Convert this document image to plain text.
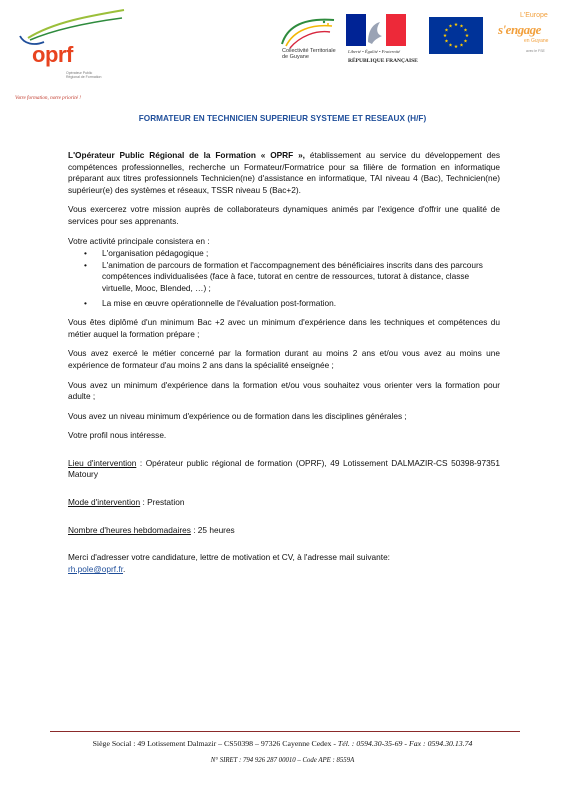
oprf
Opérateur Public Régional de Formation
Votre formation, notre priorité !
Collectivité Territoriale de Guyane
Liberté • Égalité • Fraternité
RÉPUBLIQUE FRANÇAISE
L'Europe
s'engage
en Guyane
avec le FSE
FORMATEUR EN TECHNICIEN SUPERIEUR SYSTEME ET RESEAUX (H/F)

L'Opérateur Public Régional de la Formation « OPRF », établissement au service du développement des compétences professionnelles, recherche un Formateur/Formatrice pour sa filière de formation en informatique préparant aux titres professionnels Technicien(ne) d'assistance en informatique, TAI niveau 4 (Bac), Technicien(ne) supérieur(e) des systèmes et réseaux, TSSR niveau 5 (Bac+2).

Vous exercerez votre mission auprès de collaborateurs dynamiques animés par l'exigence d'offrir une qualité de services pour ses apprenants.

Votre activité principale consistera en :

• L'organisation pédagogique ;
• L'animation de parcours de formation et l'accompagnement des bénéficiaires inscrits dans des parcours compétences individualisées (face à face, tutorat en centre de ressources, tutorat à distance, classe virtuelle, Mooc, Blended, …) ;
• La mise en œuvre opérationnelle de l'évaluation post-formation.

Vous êtes diplômé d'un minimum Bac +2 avec un minimum d'expérience dans les techniques et compétences du métier auquel la formation prépare ;

Vous avez exercé le métier concerné par la formation durant au moins 2 ans et/ou vous avez au moins une expérience de formateur d'au moins 2 ans dans la spécialité enseignée ;

Vous avez un minimum d'expérience dans la formation et/ou vous souhaitez vous orienter vers la formation pour adulte ;

Vous avez un niveau minimum d'expérience ou de formation dans les disciplines générales ;

Votre profil nous intéresse.

Lieu d'intervention : Opérateur public régional de formation (OPRF), 49 Lotissement DALMAZIR-CS 50398-97351 Matoury

Mode d'intervention : Prestation

Nombre d'heures hebdomadaires : 25 heures

Merci d'adresser votre candidature, lettre de motivation et CV, à l'adresse mail suivante:
rh.pole@oprf.fr.

Siège Social : 49 Lotissement Dalmazir – CS50398 – 97326 Cayenne Cedex - Tél. : 0594.30-35-69 - Fax : 0594.30.13.74
N° SIRET : 794 926 287 00010 – Code APE : 8559A
